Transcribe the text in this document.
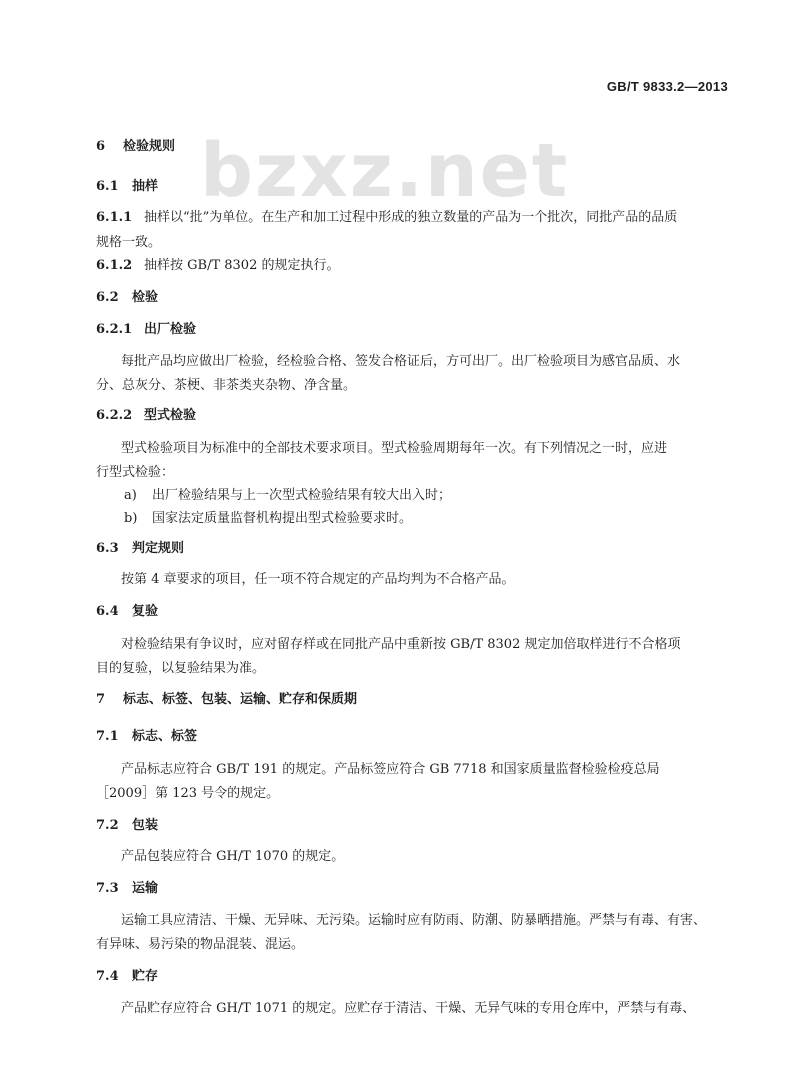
GB/T 9833.2—2013
bzxz.net
6 检验规则
6.1 抽样
6.1.1 抽样以“批”为单位。在生产和加工过程中形成的独立数量的产品为一个批次，同批产品的品质
规格一致。
6.1.2 抽样按 GB/T 8302 的规定执行。
6.2 检验
6.2.1 出厂检验
每批产品均应做出厂检验，经检验合格、签发合格证后，方可出厂。出厂检验项目为感官品质、水
分、总灰分、茶梗、非茶类夹杂物、净含量。
6.2.2 型式检验
型式检验项目为标准中的全部技术要求项目。型式检验周期每年一次。有下列情况之一时，应进
行型式检验：
a) 出厂检验结果与上一次型式检验结果有较大出入时；
b) 国家法定质量监督机构提出型式检验要求时。
6.3 判定规则
按第 4 章要求的项目，任一项不符合规定的产品均判为不合格产品。
6.4 复验
对检验结果有争议时，应对留存样或在同批产品中重新按 GB/T 8302 规定加倍取样进行不合格项
目的复验，以复验结果为准。
7 标志、标签、包装、运输、贮存和保质期
7.1 标志、标签
产品标志应符合 GB/T 191 的规定。产品标签应符合 GB 7718 和国家质量监督检验检疫总局
［2009］第 123 号令的规定。
7.2 包装
产品包装应符合 GH/T 1070 的规定。
7.3 运输
运输工具应清洁、干燥、无异味、无污染。运输时应有防雨、防潮、防暴晒措施。严禁与有毒、有害、
有异味、易污染的物品混装、混运。
7.4 贮存
产品贮存应符合 GH/T 1071 的规定。应贮存于清洁、干燥、无异气味的专用仓库中，严禁与有毒、
